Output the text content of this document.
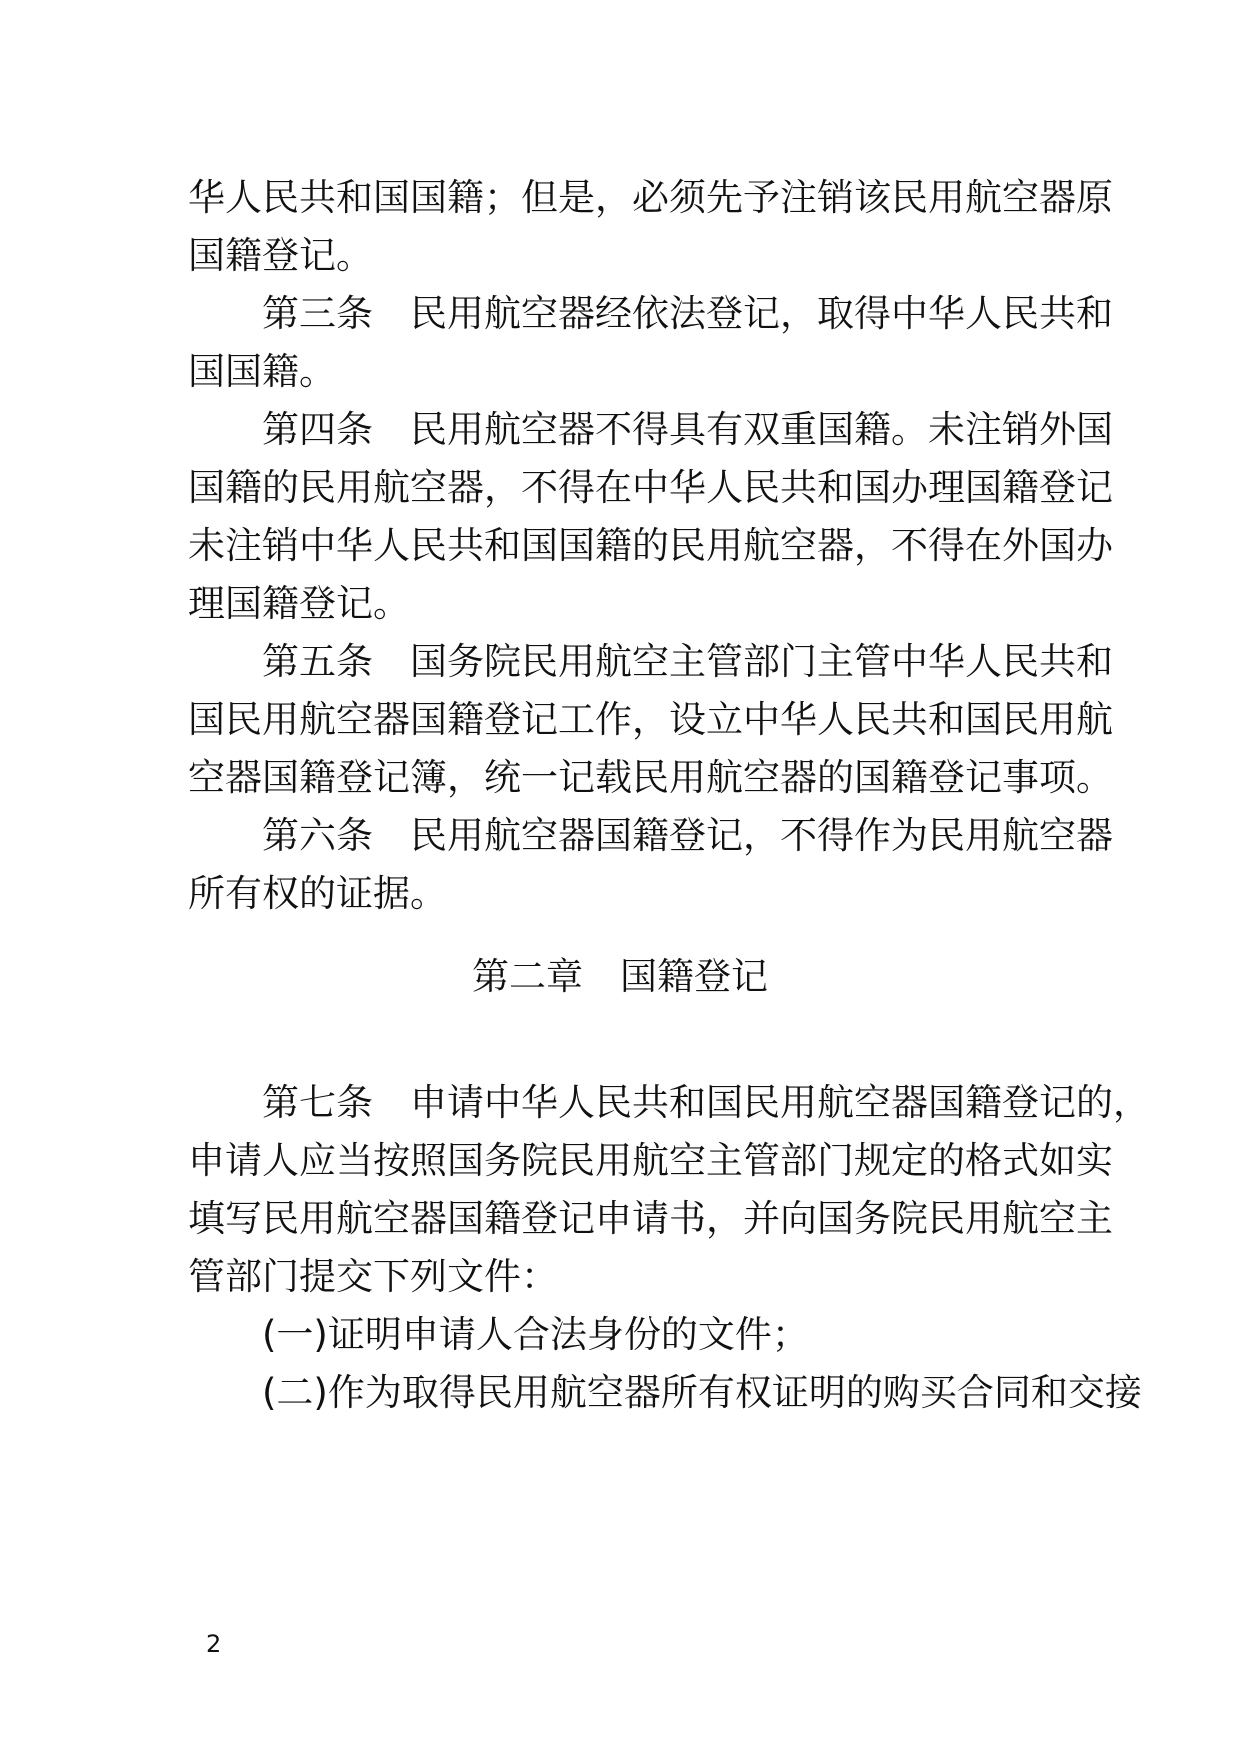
华人民共和国国籍；但是，必须先予注销该民用航空器原
国籍登记。
　　第三条　民用航空器经依法登记，取得中华人民共和
国国籍。
　　第四条　民用航空器不得具有双重国籍。未注销外国
国籍的民用航空器，不得在中华人民共和国办理国籍登记
未注销中华人民共和国国籍的民用航空器，不得在外国办
理国籍登记。
　　第五条　国务院民用航空主管部门主管中华人民共和
国民用航空器国籍登记工作，设立中华人民共和国民用航
空器国籍登记簿，统一记载民用航空器的国籍登记事项。
　　第六条　民用航空器国籍登记，不得作为民用航空器
所有权的证据。
第二章　国籍登记
　　第七条　申请中华人民共和国民用航空器国籍登记的，
申请人应当按照国务院民用航空主管部门规定的格式如实
填写民用航空器国籍登记申请书，并向国务院民用航空主
管部门提交下列文件：
　　(一)证明申请人合法身份的文件；
　　(二)作为取得民用航空器所有权证明的购买合同和交接
2
